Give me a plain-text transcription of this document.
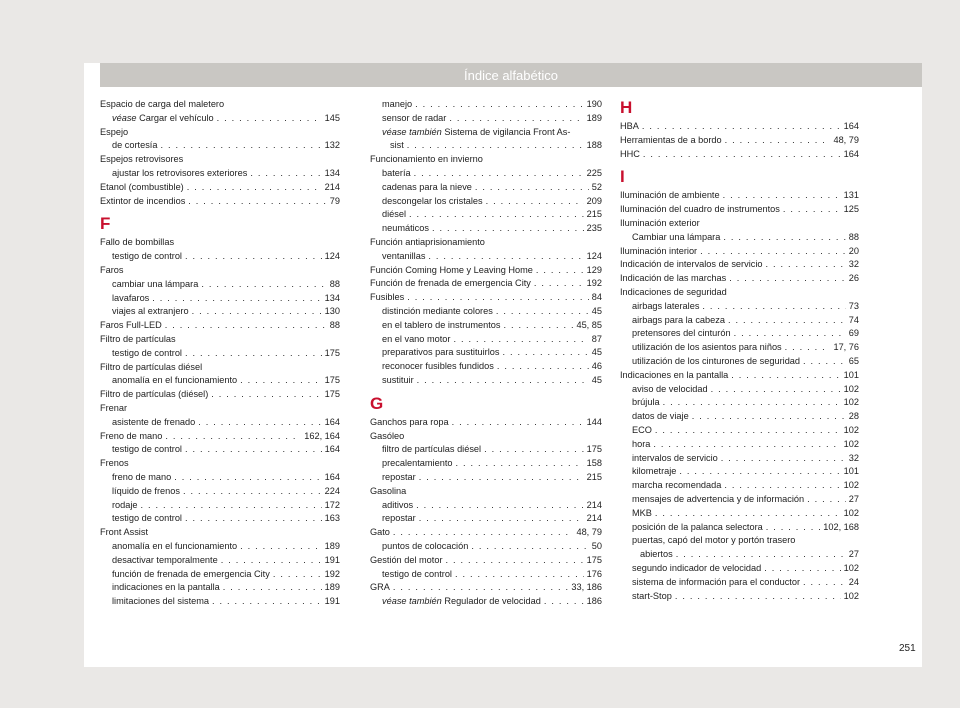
Índice alfabético
Espacio de carga del maletero
véase Cargar el vehículo . . .	145
Espejo
de cortesía . . .	132
Espejos retrovisores
ajustar los retrovisores exteriores . . .	134
Etanol (combustible) . . .	214
Extintor de incendios . . .	79
F
Fallo de bombillas
testigo de control . . .	124
Faros
cambiar una lámpara . . .	88
lavafaros . . .	134
viajes al extranjero . . .	130
Faros Full-LED . . .	88
Filtro de partículas
testigo de control . . .	175
Filtro de partículas diésel
anomalía en el funcionamiento . . .	175
Filtro de partículas (diésel) . . .	175
Frenar
asistente de frenado . . .	164
Freno de mano . . .	162, 164
testigo de control . . .	164
Frenos
freno de mano . . .	164
líquido de frenos . . .	224
rodaje . . .	172
testigo de control . . .	163
Front Assist
anomalía en el funcionamiento . . .	189
desactivar temporalmente . . .	191
función de frenada de emergencia City . . .	192
indicaciones en la pantalla . . .	189
limitaciones del sistema . . .	191
manejo . . .	190
sensor de radar . . .	189
véase también Sistema de vigilancia Front As-
sist . . .	188
Funcionamiento en invierno
batería . . .	225
cadenas para la nieve . . .	52
descongelar los cristales . . .	209
diésel . . .	215
neumáticos . . .	235
Función antiaprisionamiento
ventanillas . . .	124
Función Coming Home y Leaving Home . . .	129
Función de frenada de emergencia City . . .	192
Fusibles . . .	84
distinción mediante colores . . .	45
en el tablero de instrumentos . . .	45, 85
en el vano motor . . .	87
preparativos para sustituirlos . . .	45
reconocer fusibles fundidos . . .	46
sustituir . . .	45
G
Ganchos para ropa . . .	144
Gasóleo
filtro de partículas diésel . . .	175
precalentamiento . . .	158
repostar . . .	215
Gasolina
aditivos . . .	214
repostar . . .	214
Gato . . .	48, 79
puntos de colocación . . .	50
Gestión del motor . . .	175
testigo de control . . .	176
GRA . . .	33, 186
véase también Regulador de velocidad . . .	186
H
HBA . . .	164
Herramientas de a bordo . . .	48, 79
HHC . . .	164
I
Iluminación de ambiente . . .	131
Iluminación del cuadro de instrumentos . . .	125
Iluminación exterior
Cambiar una lámpara . . .	88
Iluminación interior . . .	20
Indicación de intervalos de servicio . . .	32
Indicación de las marchas . . .	26
Indicaciones de seguridad
airbags laterales . . .	73
airbags para la cabeza . . .	74
pretensores del cinturón . . .	69
utilización de los asientos para niños . . .	17, 76
utilización de los cinturones de seguridad . . .	65
Indicaciones en la pantalla . . .	101
aviso de velocidad . . .	102
brújula . . .	102
datos de viaje . . .	28
ECO . . .	102
hora . . .	102
intervalos de servicio . . .	32
kilometraje . . .	101
marcha recomendada . . .	102
mensajes de advertencia y de información . . .	27
MKB . . .	102
posición de la palanca selectora . . .	102, 168
puertas, capó del motor y portón trasero
abiertos . . .	27
segundo indicador de velocidad . . .	102
sistema de información para el conductor . . .	24
start-Stop . . .	102
251
